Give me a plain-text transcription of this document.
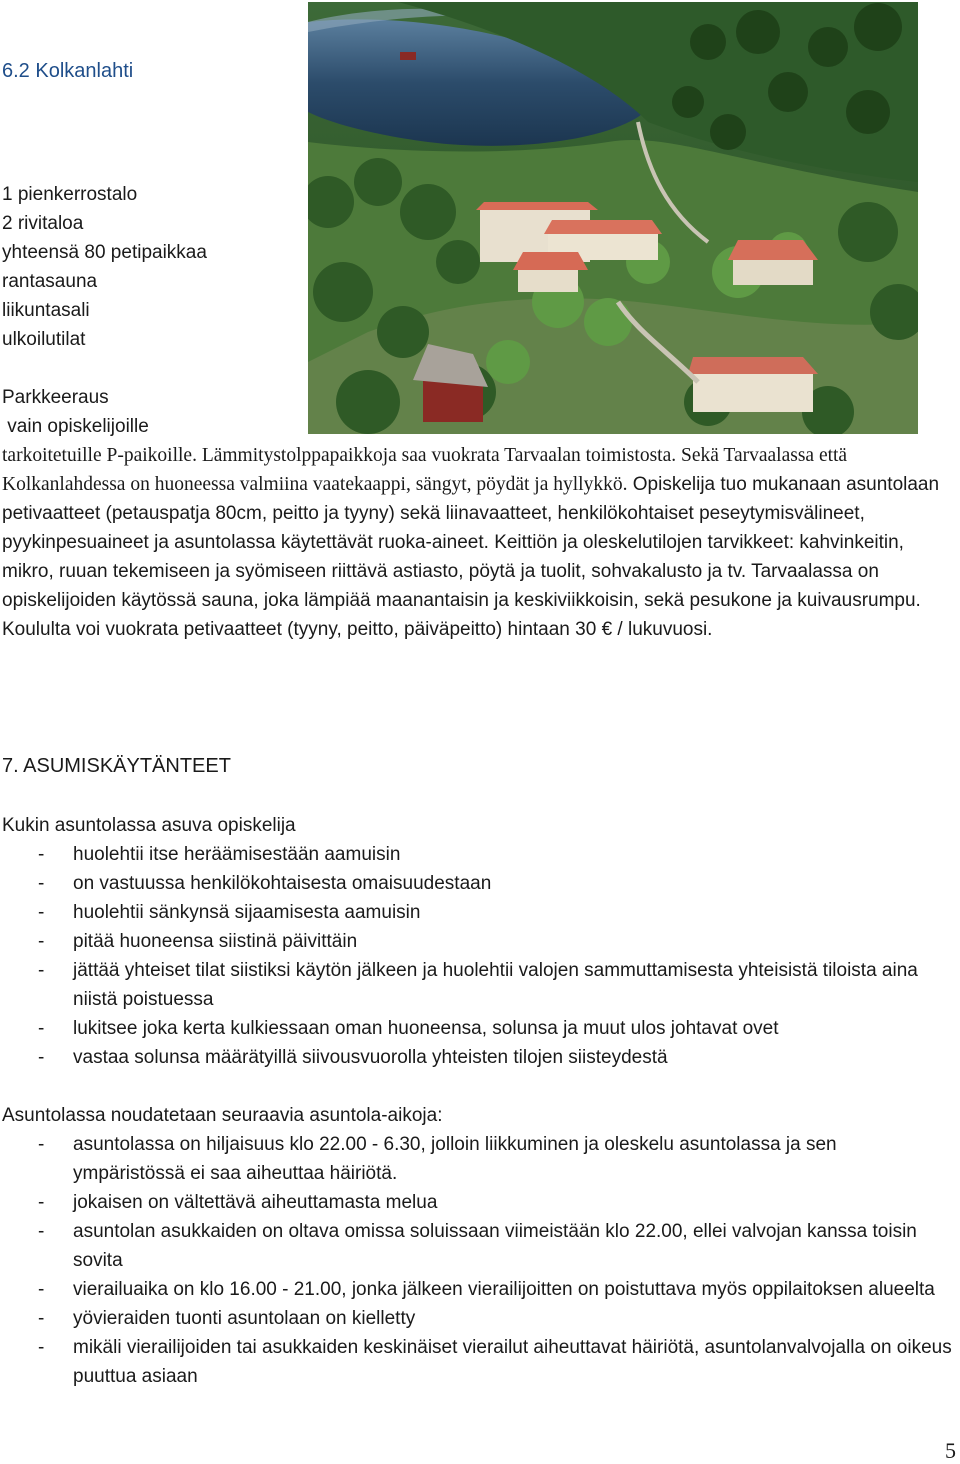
6.2 Kolkanlahti
1 pienkerrostalo
2 rivitaloa
yhteensä 80 petipaikkaa
rantasauna
liikuntasali
ulkoilutilat
Parkkeeraus
vain opiskelijoille

tarkoitetuille P-paikoille. Lämmitystolppapaikkoja saa vuokrata Tarvaalan toimistosta. Sekä Tarvaalassa että Kolkanlahdessa on huoneessa valmiina vaatekaappi, sängyt, pöydät ja hyllykkö. Opiskelija tuo mukanaan asuntolaan petivaatteet (petauspatja 80cm, peitto ja tyyny) sekä liinavaatteet, henkilökohtaiset peseytymisvälineet, pyykinpesuaineet ja asuntolassa käytettävät ruoka-aineet. Keittiön ja oleskelutilojen tarvikkeet: kahvinkeitin, mikro, ruuan tekemiseen ja syömiseen riittävä astiasto, pöytä ja tuolit, sohvakalusto ja tv. Tarvaalassa on opiskelijoiden käytössä sauna, joka lämpiää maanantaisin ja keskiviikkoisin, sekä pesukone ja kuivausrumpu. Koululta voi vuokrata petivaatteet (tyyny, peitto, päiväpeitto) hintaan 30 € / lukuvuosi.

7. ASUMISKÄYTÄNTEET

Kukin asuntolassa asuva opiskelija

- huolehtii itse heräämisestään aamuisin
- on vastuussa henkilökohtaisesta omaisuudestaan
- huolehtii sänkynsä sijaamisesta aamuisin
- pitää huoneensa siistinä päivittäin
- jättää yhteiset tilat siistiksi käytön jälkeen ja huolehtii valojen sammuttamisesta yhteisistä tiloista aina niistä poistuessa
- lukitsee joka kerta kulkiessaan oman huoneensa, solunsa ja muut ulos johtavat ovet
- vastaa solunsa määrätyillä siivousvuorolla yhteisten tilojen siisteydestä

Asuntolassa noudatetaan seuraavia asuntola-aikoja:

- asuntolassa on hiljaisuus klo 22.00 - 6.30, jolloin liikkuminen ja oleskelu asuntolassa ja sen ympäristössä ei saa aiheuttaa häiriötä.
- jokaisen on vältettävä aiheuttamasta melua
- asuntolan asukkaiden on oltava omissa soluissaan viimeistään klo 22.00, ellei valvojan kanssa toisin sovita
- vierailuaika on klo 16.00 - 21.00, jonka jälkeen vierailijoitten on poistuttava myös oppilaitoksen alueelta
- yövieraiden tuonti asuntolaan on kielletty
- mikäli vierailijoiden tai asukkaiden keskinäiset vierailut aiheuttavat häiriötä, asuntolanvalvojalla on oikeus puuttua asiaan
5
